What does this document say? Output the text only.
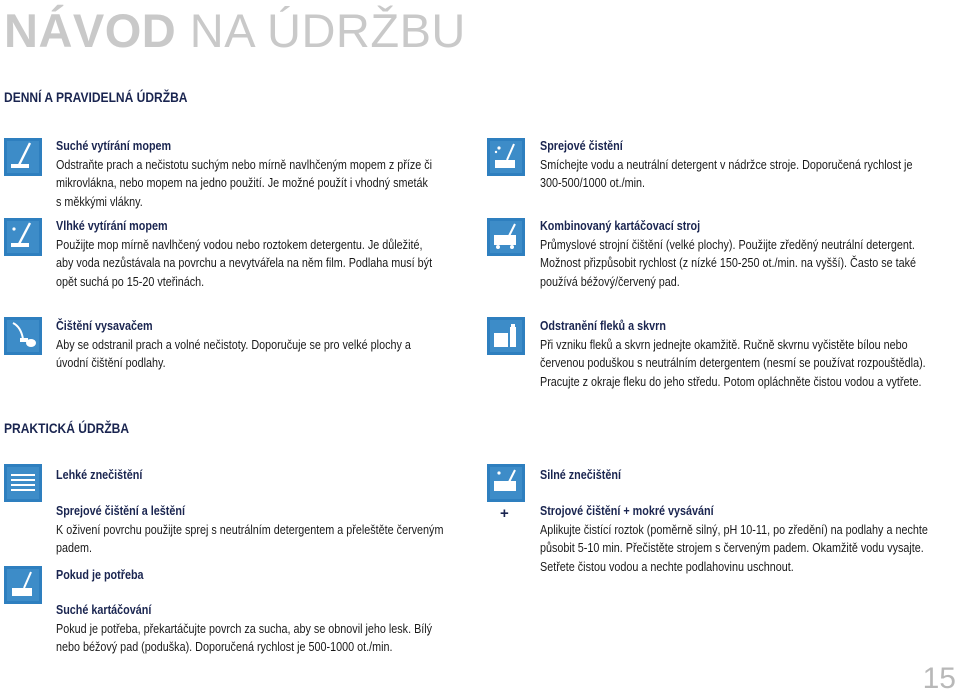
NÁVOD NA ÚDRŽBU
DENNÍ A PRAVIDELNÁ ÚDRŽBA
Suché vytírání mopem
Odstraňte prach a nečistotu suchým nebo mírně navlhčeným mopem z příze či mikrovlákna, nebo mopem na jedno použití. Je možné použít i vhodný smeták s měkkými vlákny.
Sprejové čistění
Smíchejte vodu a neutrální detergent v nádržce stroje. Doporučená rychlost je 300-500/1000 ot./min.
Vlhké vytírání mopem
Použijte mop mírně navlhčený vodou nebo roztokem detergentu. Je důležité, aby voda nezůstávala na povrchu a nevytvářela na něm film. Podlaha musí být opět suchá po 15-20 vteřinách.
Kombinovaný kartáčovací stroj
Průmyslové strojní čištění (velké plochy). Použijte zředěný neutrální detergent. Možnost přizpůsobit rychlost (z nízké 150-250 ot./min. na vyšší). Často se také používá béžový/červený pad.
Čištění vysavačem
Aby se odstranil prach a volné nečistoty. Doporučuje se pro velké plochy a úvodní čištění podlahy.
Odstranění fleků a skvrn
Při vzniku fleků a skvrn jednejte okamžitě. Ručně skvrnu vyčistěte bílou nebo červenou poduškou s neutrálním detergentem (nesmí se používat rozpouštědla). Pracujte z okraje fleku do jeho středu. Potom opláchněte čistou vodou a vytřete.
PRAKTICKÁ ÚDRŽBA
Lehké znečištění
Sprejové čištění a leštění
K oživení povrchu použijte sprej s neutrálním detergentem a přeleštěte červeným padem.
Pokud je potřeba
Suché kartáčování
Pokud je potřeba, překartáčujte povrch za sucha, aby se obnovil jeho lesk. Bílý nebo béžový pad (poduška). Doporučená rychlost je 500-1000 ot./min.
Silné znečištění
+ Strojové čištění + mokré vysávání
Aplikujte čistící roztok (poměrně silný, pH 10-11, po zředění) na podlahy a nechte působit 5-10 min. Přečistěte strojem s červeným padem. Okamžitě vodu vysajte. Setřete čistou vodou a nechte podlahovinu uschnout.
15
